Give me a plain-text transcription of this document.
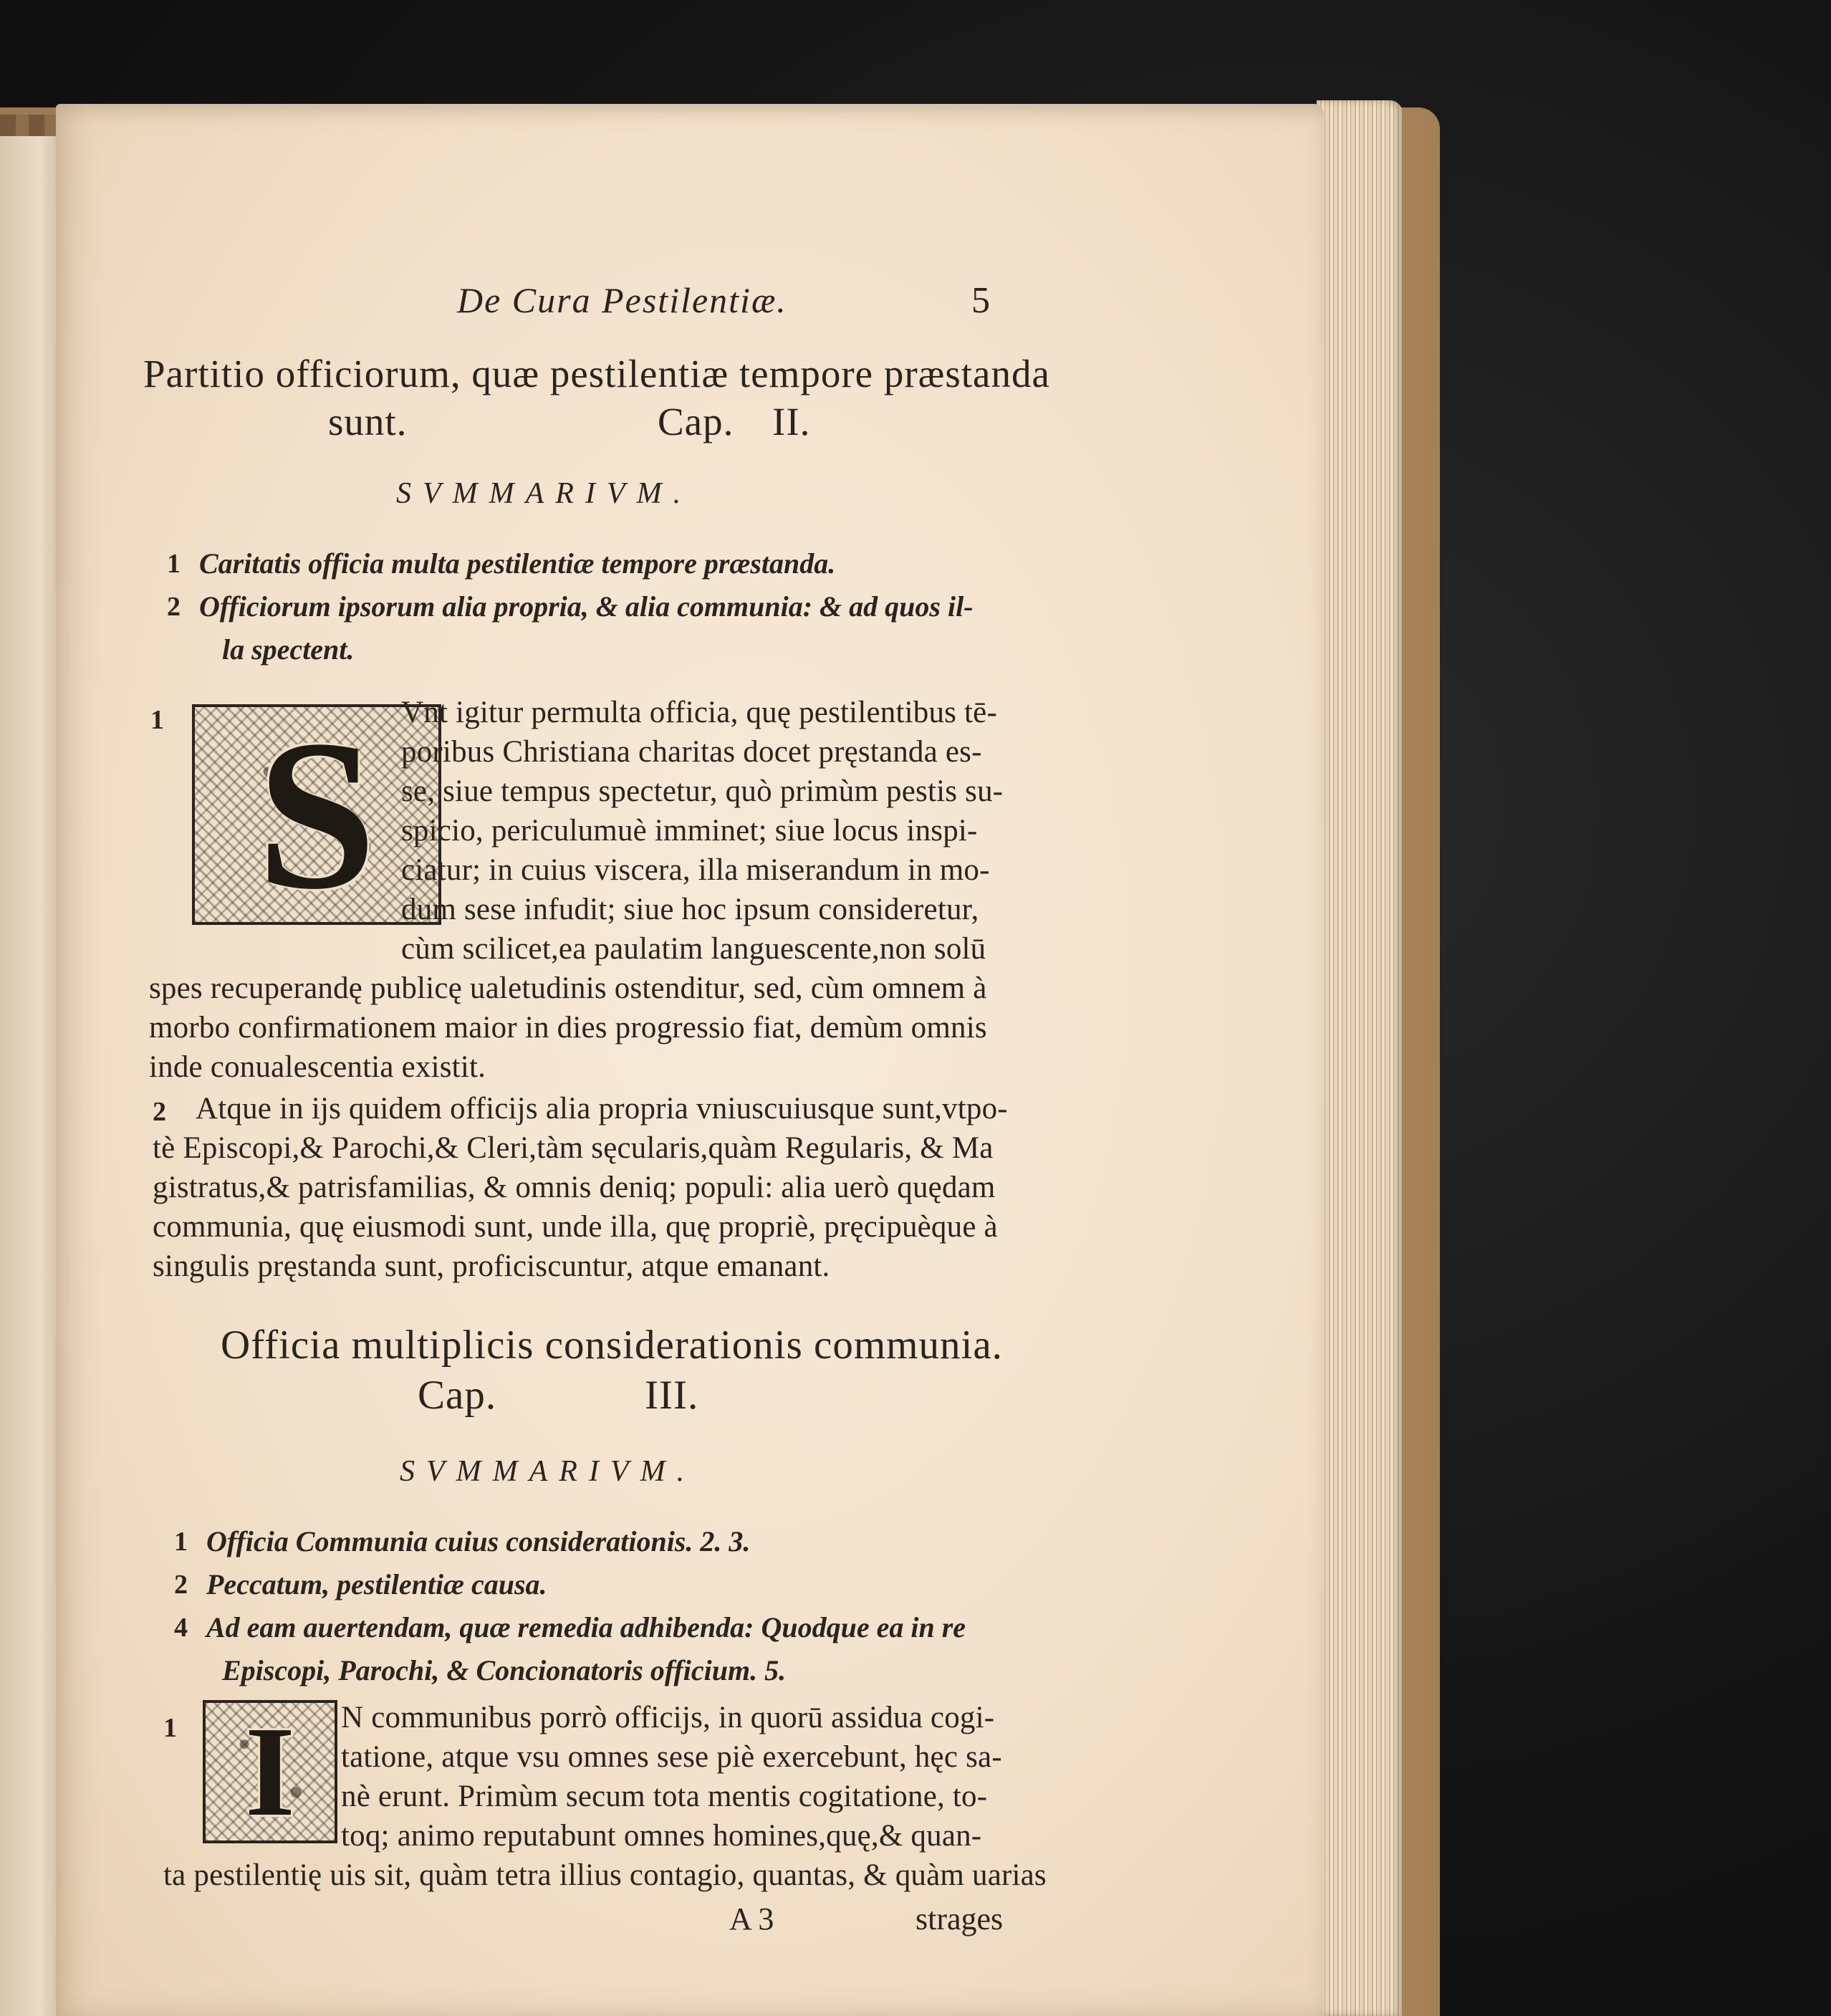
De Cura Pestilentiæ.	5
Partitio officiorum, quæ pestilentiæ tempore præstanda
sunt.	Cap. II.
SVMMARIVM.
1 Caritatis officia multa pestilentiæ tempore præstanda.
2 Officiorum ipsorum alia propria, & alia communia: & ad quos il-
la spectent.
1 S Vnt igitur permulta officia, quę pestilentibus tē-
poribus Christiana charitas docet pręstanda es-
se, siue tempus spectetur, quò primùm pestis su-
spicio, periculumuè imminet; siue locus inspi-
ciatur; in cuius viscera, illa miserandum in mo-
dum sese infudit; siue hoc ipsum consideretur,
cùm scilicet,ea paulatim languescente,non solū
spes recuperandę publicę ualetudinis ostenditur, sed, cùm omnem à
morbo confirmationem maior in dies progressio fiat, demùm omnis
inde conualescentia existit.
2 Atque in ijs quidem officijs alia propria vniuscuiusque sunt,vtpo-
tè Episcopi,& Parochi,& Cleri,tàm sęcularis,quàm Regularis, & Ma
gistratus,& patrisfamilias, & omnis deniq; populi: alia uerò quędam
communia, quę eiusmodi sunt, unde illa, quę propriè, pręcipuèque à
singulis pręstanda sunt, proficiscuntur, atque emanant.
Officia multiplicis considerationis communia.
Cap.	III.
SVMMARIVM.
1 Officia Communia cuius considerationis. 2. 3.
2 Peccatum, pestilentiæ causa.
4 Ad eam auertendam, quæ remedia adhibenda: Quodque ea in re
Episcopi, Parochi, & Concionatoris officium. 5.
1 I N communibus porrò officijs, in quorū assidua cogi-
tatione, atque vsu omnes sese piè exercebunt, hęc sa-
nè erunt. Primùm secum tota mentis cogitatione, to-
toq; animo reputabunt omnes homines,quę,& quan-
ta pestilentię uis sit, quàm tetra illius contagio, quantas, & quàm uarias
A 3	strages
